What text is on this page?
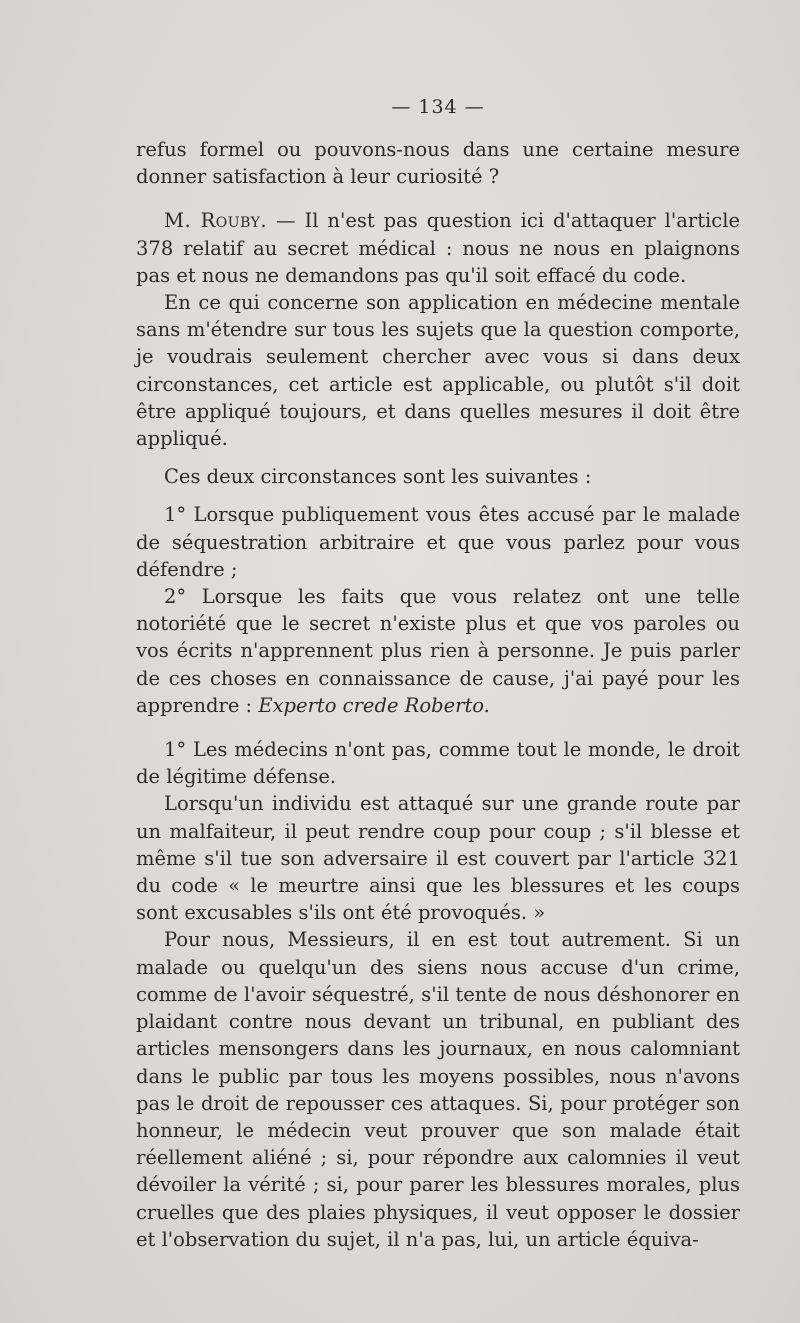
— 134 —

refus formel ou pouvons-nous dans une certaine mesure donner satisfaction à leur curiosité ?

M. Rouby. — Il n'est pas question ici d'attaquer l'article 378 relatif au secret médical : nous ne nous en plaignons pas et nous ne demandons pas qu'il soit effacé du code.

En ce qui concerne son application en médecine mentale sans m'étendre sur tous les sujets que la question comporte, je voudrais seulement chercher avec vous si dans deux circonstances, cet article est applicable, ou plutôt s'il doit être appliqué toujours, et dans quelles mesures il doit être appliqué.

Ces deux circonstances sont les suivantes :

1° Lorsque publiquement vous êtes accusé par le malade de séquestration arbitraire et que vous parlez pour vous défendre ;

2° Lorsque les faits que vous relatez ont une telle notoriété que le secret n'existe plus et que vos paroles ou vos écrits n'apprennent plus rien à personne. Je puis parler de ces choses en connaissance de cause, j'ai payé pour les apprendre : Experto crede Roberto.

1° Les médecins n'ont pas, comme tout le monde, le droit de légitime défense.

Lorsqu'un individu est attaqué sur une grande route par un malfaiteur, il peut rendre coup pour coup ; s'il blesse et même s'il tue son adversaire il est couvert par l'article 321 du code « le meurtre ainsi que les blessures et les coups sont excusables s'ils ont été provoqués. »

Pour nous, Messieurs, il en est tout autrement. Si un malade ou quelqu'un des siens nous accuse d'un crime, comme de l'avoir séquestré, s'il tente de nous déshonorer en plaidant contre nous devant un tribunal, en publiant des articles mensongers dans les journaux, en nous calomniant dans le public par tous les moyens possibles, nous n'avons pas le droit de repousser ces attaques. Si, pour protéger son honneur, le médecin veut prouver que son malade était réellement aliéné ; si, pour répondre aux calomnies il veut dévoiler la vérité ; si, pour parer les blessures morales, plus cruelles que des plaies physiques, il veut opposer le dossier et l'observation du sujet, il n'a pas, lui, un article équiva-
